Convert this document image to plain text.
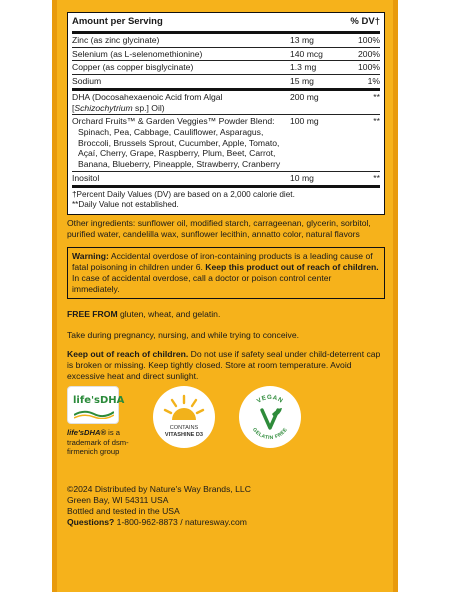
Amount per Serving	% DV†
Zinc (as zinc glycinate)	13 mg	100%
Selenium (as L-selenomethionine)	140 mcg	200%
Copper (as copper bisglycinate)	1.3 mg	100%
Sodium	15 mg	1%
DHA (Docosahexaenoic Acid from Algal
[Schizochytrium sp.] Oil)
200 mg	**
Orchard Fruits™ & Garden Veggies™ Powder Blend:

Spinach, Pea, Cabbage, Cauliflower, Asparagus, Broccoli, Brussels Sprout, Cucumber, Apple, Tomato, Açaí, Cherry, Grape, Raspberry, Plum, Beet, Carrot, Banana, Blueberry, Pineapple, Strawberry, Cranberry
100 mg	**
Inositol	10 mg	**
†Percent Daily Values (DV) are based on a 2,000 calorie diet.
**Daily Value not established.
Other ingredients: sunflower oil, modified starch, carrageenan, glycerin, sorbitol, purified water, candelilla wax, sunflower lecithin, annatto color, natural flavors
Warning: Accidental overdose of iron-containing products is a leading cause of fatal poisoning in children under 6. Keep this product out of reach of children. In case of accidental overdose, call a doctor or poison control center immediately.
FREE FROM gluten, wheat, and gelatin.
Take during pregnancy, nursing, and while trying to conceive.
Keep out of reach of children. Do not use if safety seal under child-deterrent cap is broken or missing. Keep tightly closed. Store at room temperature. Avoid excessive heat and direct sunlight.
life'sDHA
life'sDHA® is a trademark of dsm-firmenich group
CONTAINS
VITASHINE D3
VEGAN
GELATIN FREE
©2024 Distributed by Nature's Way Brands, LLC
Green Bay, WI 54311 USA
Bottled and tested in the USA
Questions? 1-800-962-8873 / naturesway.com
